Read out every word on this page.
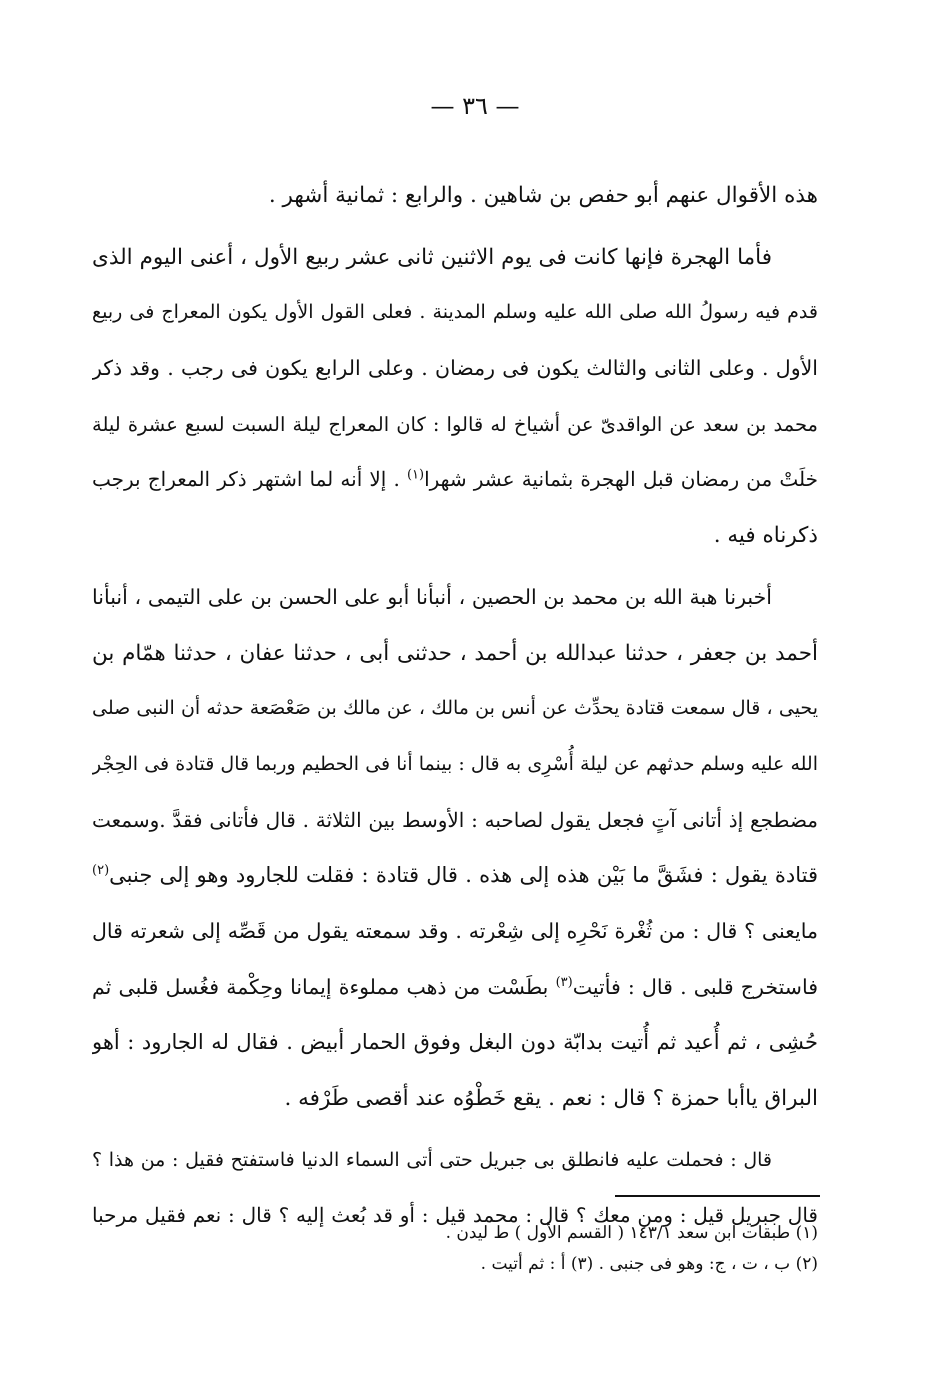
— ٣٦ —
هذه الأقوال عنهم أبو حفص بن شاهين . والرابع : ثمانية أشهر .
فأما الهجرة فإنها كانت فى يوم الاثنين ثانى عشر ربيع الأول ، أعنى اليوم الذى
قدم فيه رسولُ الله صلى الله عليه وسلم المدينة . فعلى القول الأول يكون المعراج فى ربيع
الأول . وعلى الثانى والثالث يكون فى رمضان . وعلى الرابع يكون فى رجب . وقد ذكر
محمد بن سعد عن الواقدىّ عن أشياخ له قالوا : كان المعراج ليلة السبت لسبع عشرة ليلة
خلَتْ من رمضان قبل الهجرة بثمانية عشر شهرا$^{(١)}$ . إلا أنه لما اشتهر ذكر المعراج برجب
ذكرناه فيه .
أخبرنا هبة الله بن محمد بن الحصين ، أنبأنا أبو على الحسن بن على التيمى ، أنبأنا
أحمد بن جعفر ، حدثنا عبدالله بن أحمد ، حدثنى أبى ، حدثنا عفان ، حدثنا همّام بن
يحيى ، قال سمعت قتادة يحدِّث عن أنس بن مالك ، عن مالك بن صَعْصَعة حدثه أن النبى صلى
الله عليه وسلم حدثهم عن ليلة أُسْرِى به قال : بينما أنا فى الحطيم وربما قال قتادة فى الحِجْر
مضطجع إذ أتانى آتٍ فجعل يقول لصاحبه : الأوسط بين الثلاثة . قال فأتانى فقدَّ .وسمعت
قتادة يقول : فشَقَّ ما بَيْن هذه إلى هذه . قال قتادة : فقلت للجارود وهو إلى جنبى$^{(٢)}$
مايعنى ؟ قال : من ثُغْرة نَحْرِه إلى شِعْرته . وقد سمعته يقول من قَصِّه إلى شعرته قال
فاستخرج قلبى . قال : فأتيت$^{(٣)}$ بطَسْت من ذهب مملوءة إيمانا وحِكْمة فغُسل قلبى ثم
حُشِى ، ثم أُعيد ثم أُتيت بدابّة دون البغل وفوق الحمار أبيض . فقال له الجارود : أهو
البراق ياأبا حمزة ؟ قال : نعم . يقع خَطْوُه عند أقصى طَرْفه .
قال : فحملت عليه فانطلق بى جبريل حتى أتى السماء الدنيا فاستفتح فقيل : من هذا ؟
قال جبريل قيل : ومن معك ؟ قال : محمد قيل : أو قد بُعث إليه ؟ قال : نعم فقيل مرحبا
(١) طبقات ابن سعد ١٤٣/١ ( القسم الأول ) ط ليدن .
(٢) ب ، ت ، ج: وهو فى جنبى . (٣) أ : ثم أتيت .
